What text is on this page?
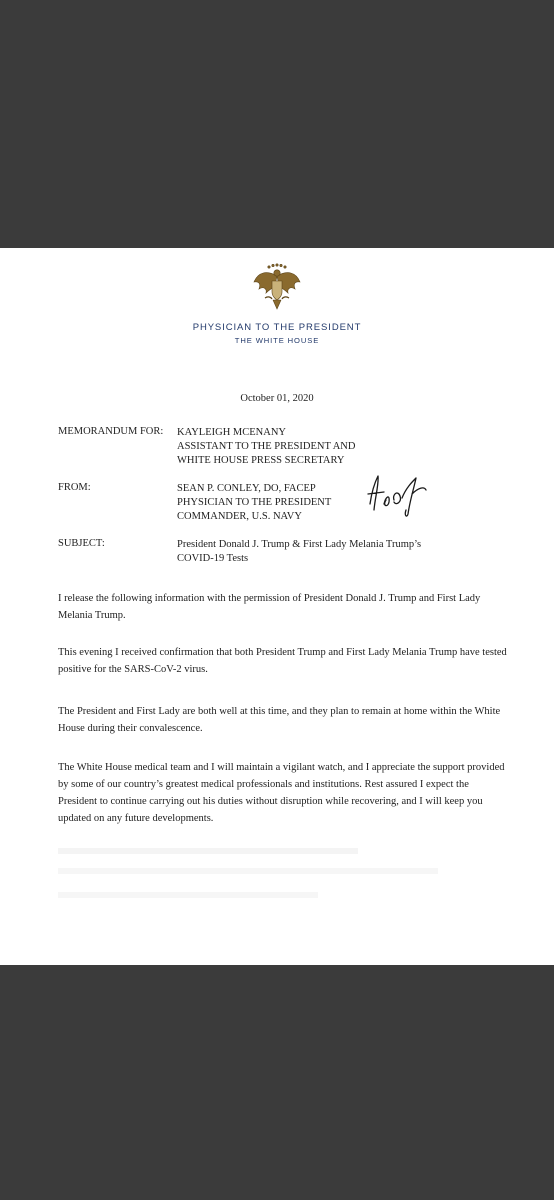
PHYSICIAN TO THE PRESIDENT
THE WHITE HOUSE
October 01, 2020
MEMORANDUM FOR: KAYLEIGH MCENANY
ASSISTANT TO THE PRESIDENT AND
WHITE HOUSE PRESS SECRETARY
FROM:	SEAN P. CONLEY, DO, FACEP
PHYSICIAN TO THE PRESIDENT
COMMANDER, U.S. NAVY
SUBJECT:	President Donald J. Trump & First Lady Melania Trump’s
COVID-19 Tests

I release the following information with the permission of President Donald J. Trump and First Lady Melania Trump.

This evening I received confirmation that both President Trump and First Lady Melania Trump have tested positive for the SARS-CoV-2 virus.

The President and First Lady are both well at this time, and they plan to remain at home within the White House during their convalescence.

The White House medical team and I will maintain a vigilant watch, and I appreciate the support provided by some of our country’s greatest medical professionals and institutions. Rest assured I expect the President to continue carrying out his duties without disruption while recovering, and I will keep you updated on any future developments.
